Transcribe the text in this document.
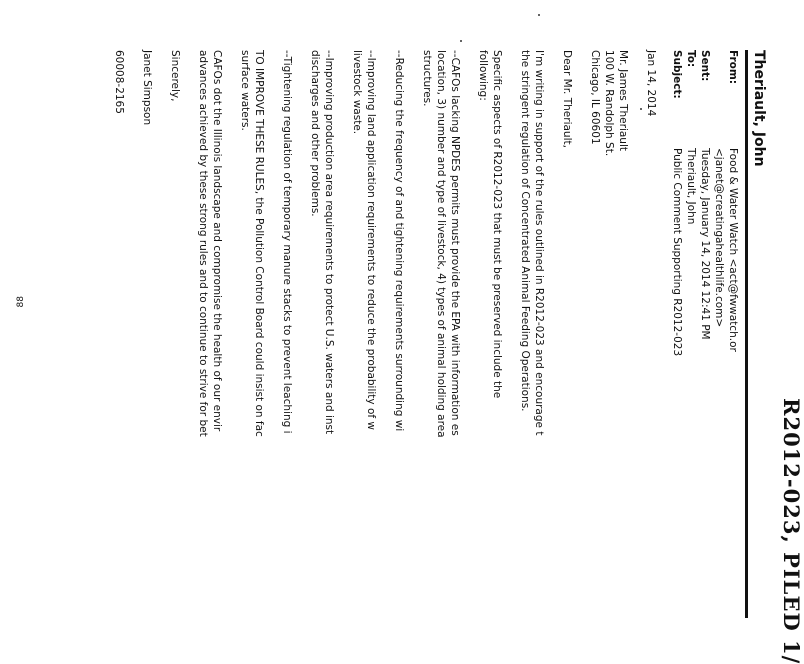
R2012-023, PILED 1/
Theriault, John
From:
Sent:
To:
Subject:
Food & Water Watch <act@fwwatch.or
<janet@creatingahealthlife.com>
Tuesday, January 14, 2014 12:41 PM
Theriault, John
Public Comment Supporting R2012-023
Jan 14, 2014
Mr. James Theriault
100 W. Randolph St.
Chicago, IL 60601
Dear Mr. Theriault,
I'm writing in support of the rules outlined in R2012-023 and encourage t
the stringent regulation of Concentrated Animal Feeding Operations.
Specific aspects of R2012-023 that must be preserved include the
following:
--CAFOs lacking NPDES permits must provide the EPA with information es
location, 3) number and type of livestock, 4) types of animal holding area
structures.
--Reducing the frequency of and tightening requirements surrounding wi
--Improving land application requirements to reduce the probability of w
livestock waste.
--Improving production area requirements to protect U.S. waters and inst
discharges and other problems.
--Tightening regulation of temporary manure stacks to prevent leaching i
TO IMPROVE THESE RULES, the Pollution Control Board could insist on fac
surface waters.
CAFOs dot the Illinois landscape and compromise the health of our envir
advances achieved by these strong rules and to continue to strive for bet
Sincerely,
Janet Simpson
60008-2165
88
